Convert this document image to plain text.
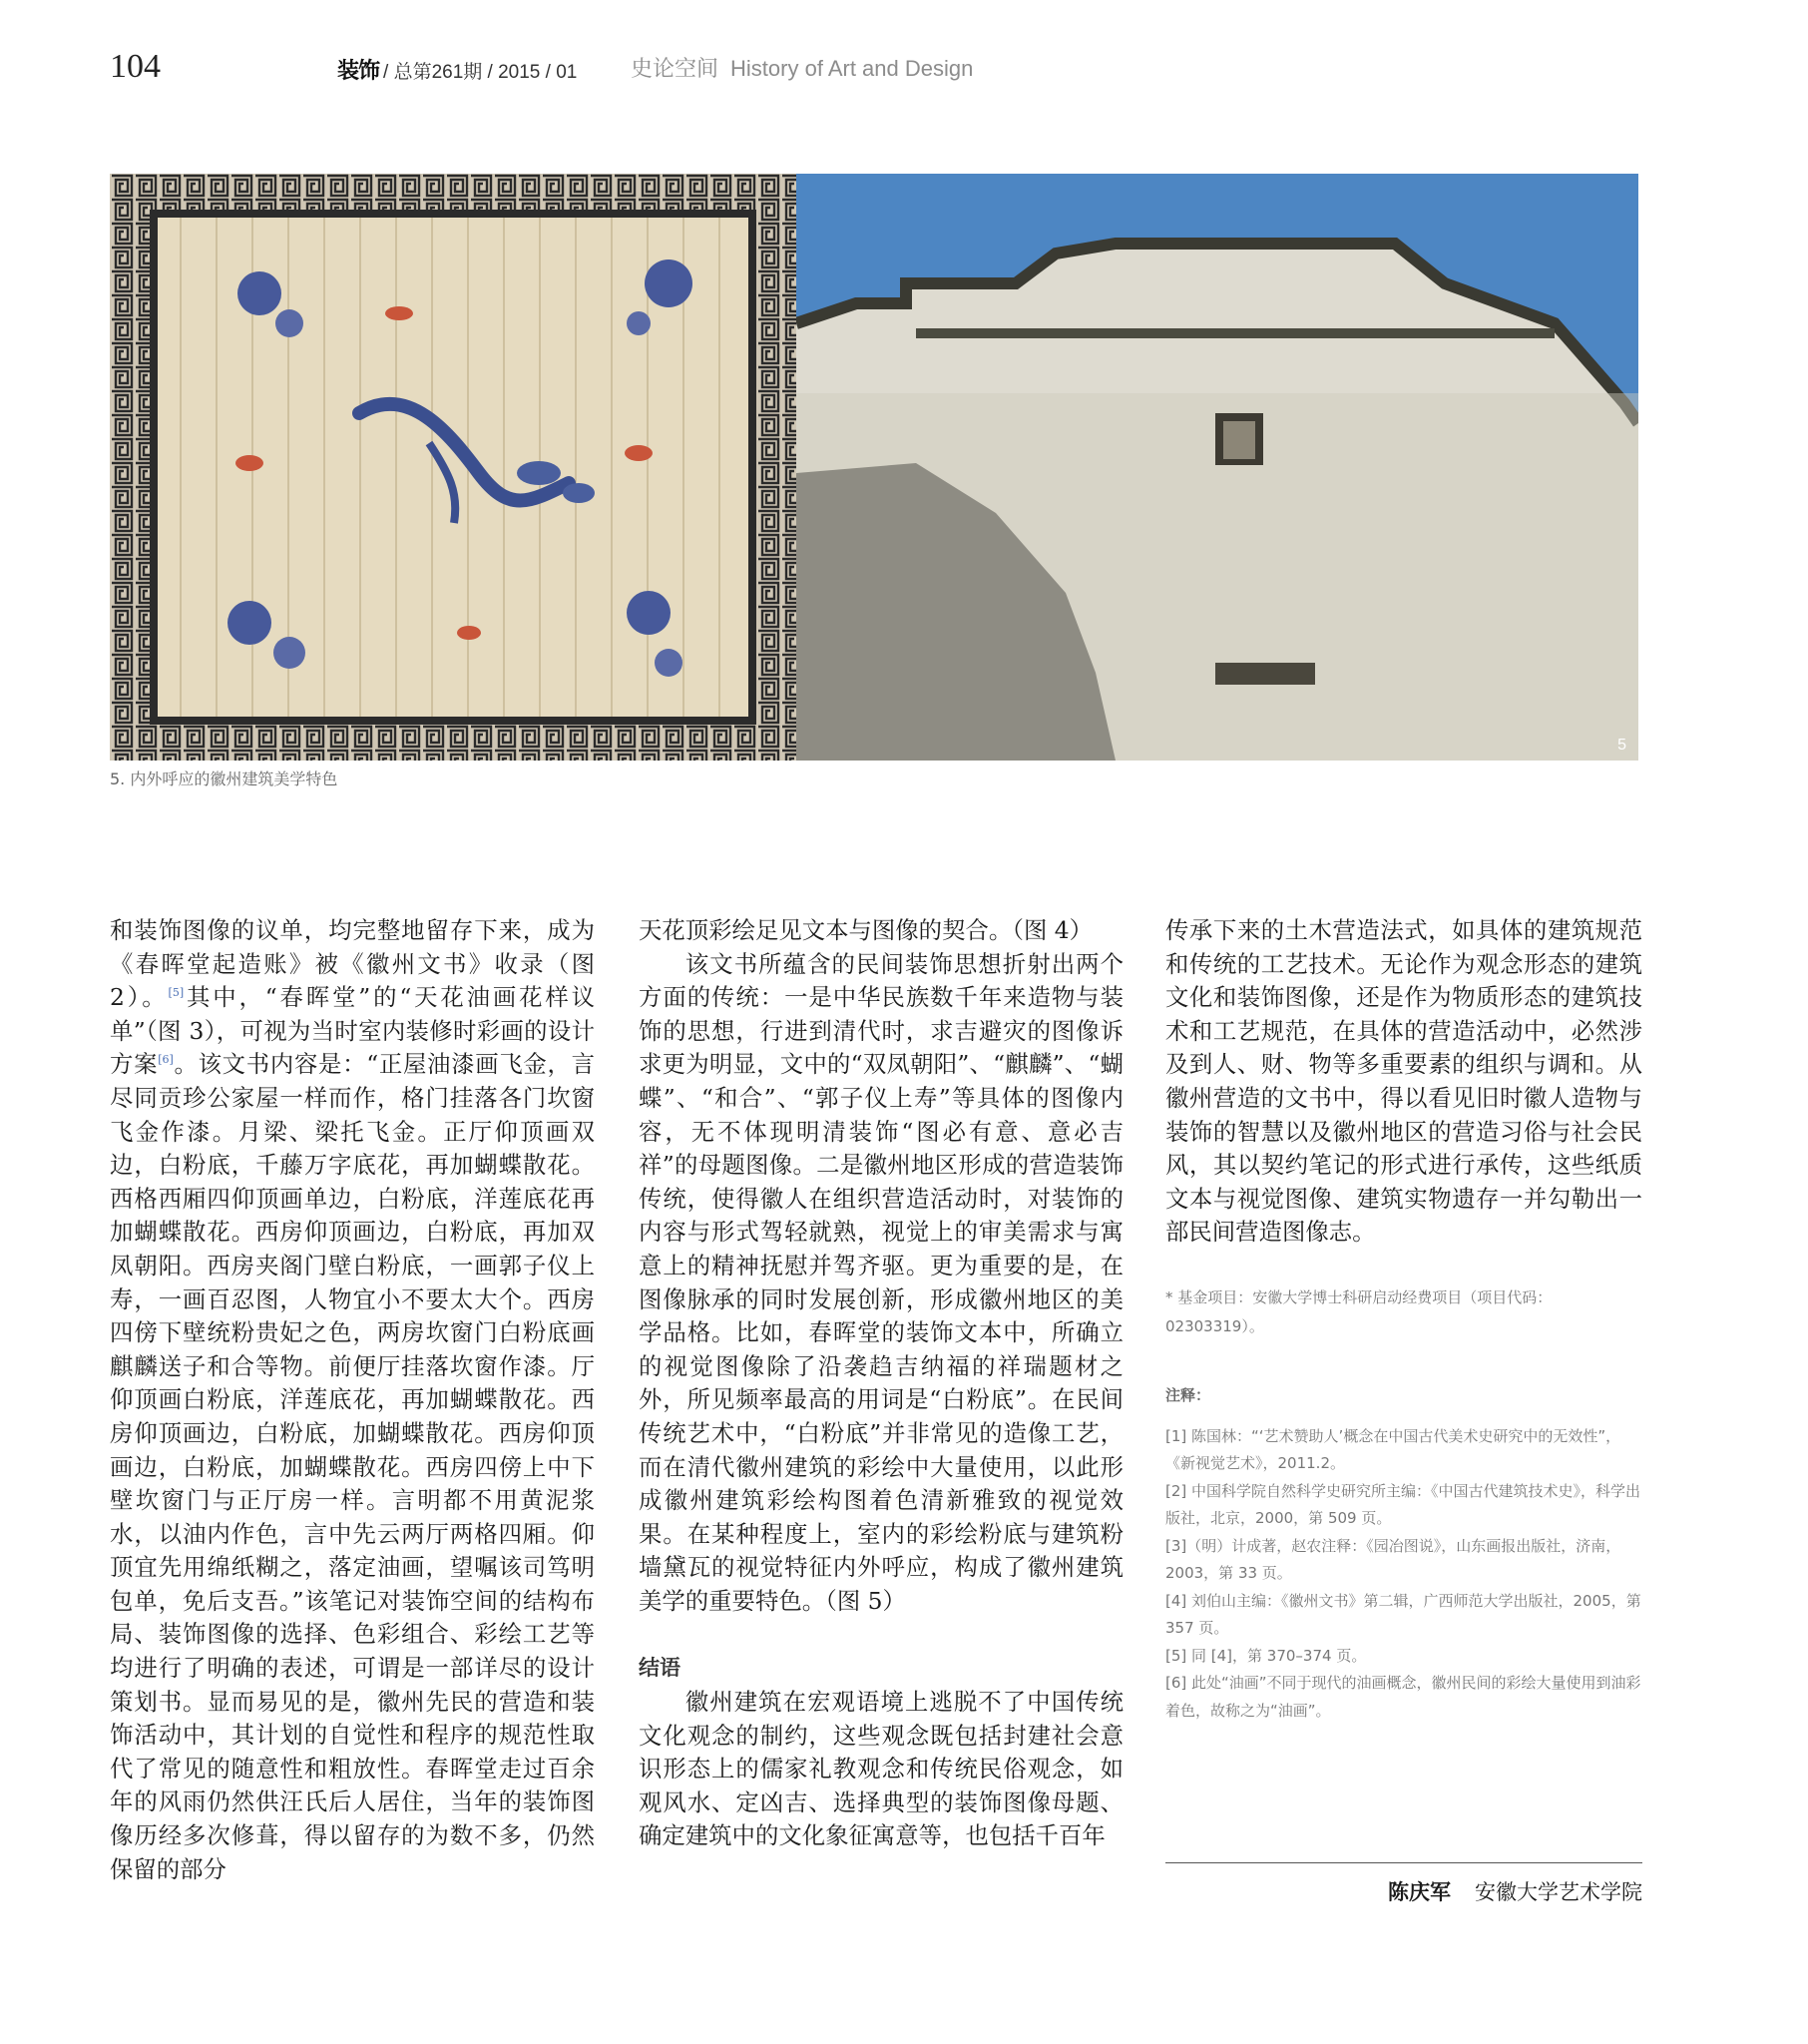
104	装饰 / 总第261期 / 2015 / 01 史论空间 History of Art and Design
5
5. 内外呼应的徽州建筑美学特色

和装饰图像的议单，均完整地留存下来，成为《春晖堂起造账》被《徽州文书》收录（图 2）。[5]其中，“春晖堂”的“天花油画花样议单”（图 3），可视为当时室内装修时彩画的设计方案[6]。该文书内容是：“正屋油漆画飞金，言尽同贡珍公家屋一样而作，格门挂落各门坎窗飞金作漆。月梁、梁托飞金。正厅仰顶画双边，白粉底，千藤万字底花，再加蝴蝶散花。西格西厢四仰顶画单边，白粉底，洋莲底花再加蝴蝶散花。西房仰顶画边，白粉底，再加双凤朝阳。西房夹阁门壁白粉底，一画郭子仪上寿，一画百忍图，人物宜小不要太大个。西房四傍下壁统粉贵妃之色，两房坎窗门白粉底画麒麟送子和合等物。前便厅挂落坎窗作漆。厅仰顶画白粉底，洋莲底花，再加蝴蝶散花。西房仰顶画边，白粉底，加蝴蝶散花。西房仰顶画边，白粉底，加蝴蝶散花。西房四傍上中下壁坎窗门与正厅房一样。言明都不用黄泥浆水，以油内作色，言中先云两厅两格四厢。仰顶宜先用绵纸糊之，落定油画，望嘱该司笃明包单，免后支吾。”该笔记对装饰空间的结构布局、装饰图像的选择、色彩组合、彩绘工艺等均进行了明确的表述，可谓是一部详尽的设计策划书。显而易见的是，徽州先民的营造和装饰活动中，其计划的自觉性和程序的规范性取代了常见的随意性和粗放性。春晖堂走过百余年的风雨仍然供汪氏后人居住，当年的装饰图像历经多次修葺，得以留存的为数不多，仍然保留的部分

天花顶彩绘足见文本与图像的契合。（图 4）

该文书所蕴含的民间装饰思想折射出两个方面的传统：一是中华民族数千年来造物与装饰的思想，行进到清代时，求吉避灾的图像诉求更为明显，文中的“双凤朝阳”、“麒麟”、“蝴蝶”、“和合”、“郭子仪上寿”等具体的图像内容，无不体现明清装饰“图必有意、意必吉祥”的母题图像。二是徽州地区形成的营造装饰传统，使得徽人在组织营造活动时，对装饰的内容与形式驾轻就熟，视觉上的审美需求与寓意上的精神抚慰并驾齐驱。更为重要的是，在图像脉承的同时发展创新，形成徽州地区的美学品格。比如，春晖堂的装饰文本中，所确立的视觉图像除了沿袭趋吉纳福的祥瑞题材之外，所见频率最高的用词是“白粉底”。在民间传统艺术中，“白粉底”并非常见的造像工艺，而在清代徽州建筑的彩绘中大量使用，以此形成徽州建筑彩绘构图着色清新雅致的视觉效果。在某种程度上，室内的彩绘粉底与建筑粉墙黛瓦的视觉特征内外呼应，构成了徽州建筑美学的重要特色。（图 5）

结语

徽州建筑在宏观语境上逃脱不了中国传统文化观念的制约，这些观念既包括封建社会意识形态上的儒家礼教观念和传统民俗观念，如观风水、定凶吉、选择典型的装饰图像母题、确定建筑中的文化象征寓意等，也包括千百年

传承下来的土木营造法式，如具体的建筑规范和传统的工艺技术。无论作为观念形态的建筑文化和装饰图像，还是作为物质形态的建筑技术和工艺规范，在具体的营造活动中，必然涉及到人、财、物等多重要素的组织与调和。从徽州营造的文书中，得以看见旧时徽人造物与装饰的智慧以及徽州地区的营造习俗与社会民风，其以契约笔记的形式进行承传，这些纸质文本与视觉图像、建筑实物遗存一并勾勒出一部民间营造图像志。

* 基金项目：安徽大学博士科研启动经费项目（项目代码：02303319）。

注释：

[1] 陈国林：“‘艺术赞助人’概念在中国古代美术史研究中的无效性”，《新视觉艺术》，2011.2。
[2] 中国科学院自然科学史研究所主编：《中国古代建筑技术史》，科学出版社，北京，2000，第 509 页。
[3]（明）计成著，赵农注释：《园冶图说》，山东画报出版社，济南，2003，第 33 页。
[4] 刘伯山主编：《徽州文书》第二辑，广西师范大学出版社，2005，第 357 页。
[5] 同 [4]，第 370–374 页。
[6] 此处“油画”不同于现代的油画概念，徽州民间的彩绘大量使用到油彩着色，故称之为“油画”。
陈庆军 安徽大学艺术学院
